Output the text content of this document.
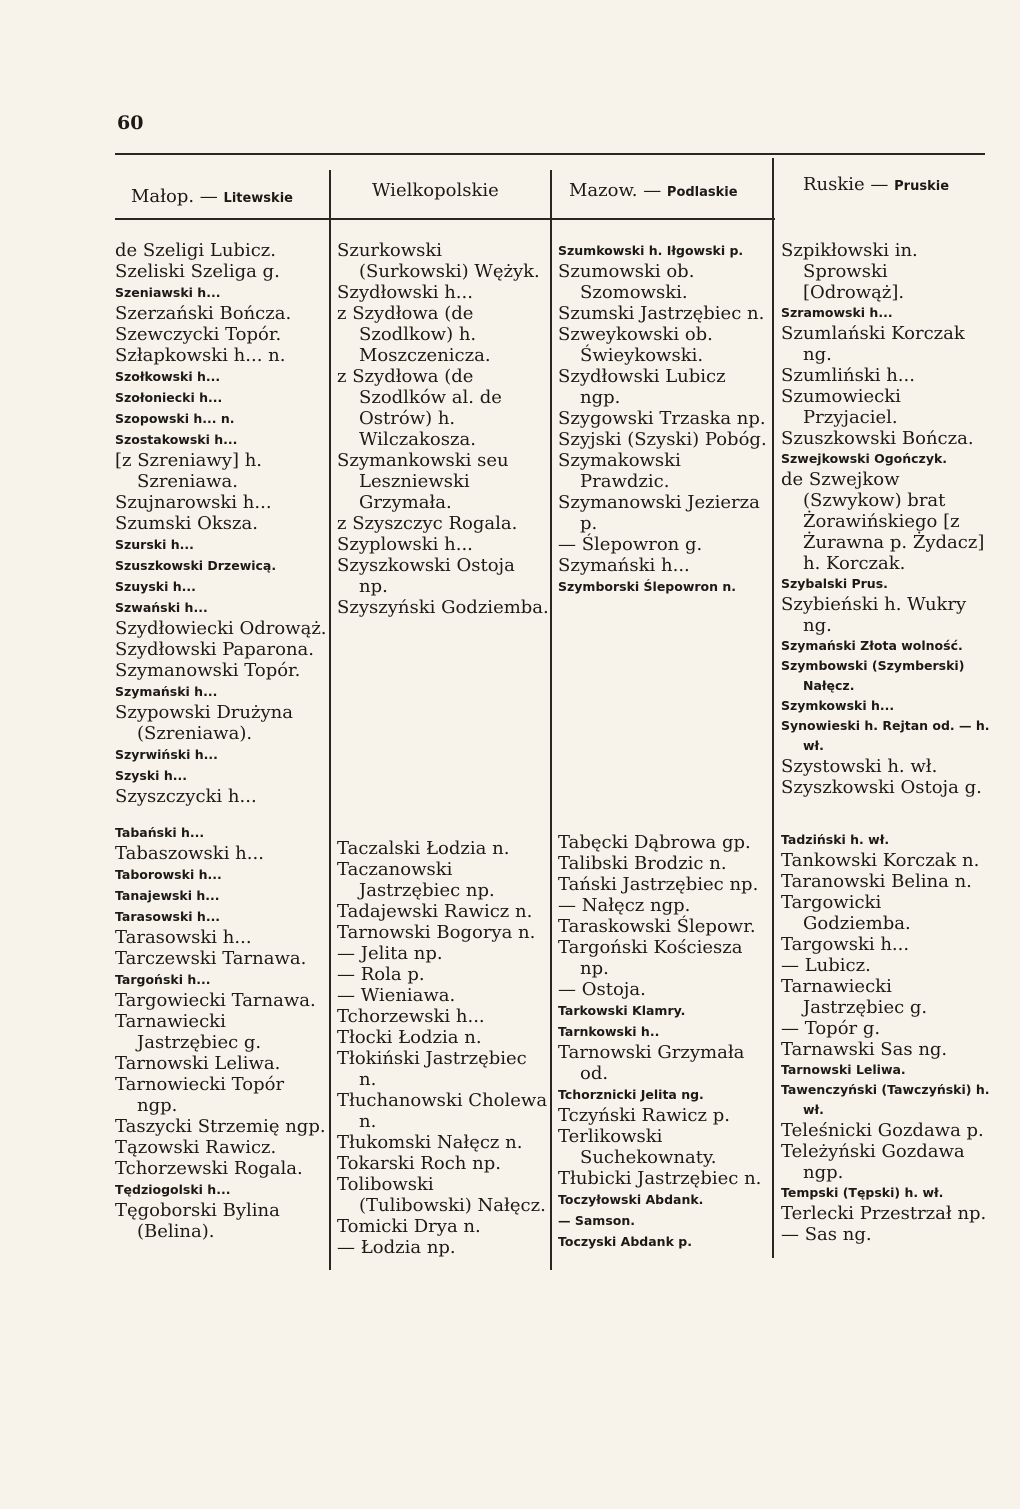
60
Małop. — Litewskie	Wielkopolskie	Mazow. — Podlaskie	Ruskie — Pruskie

de Szeligi Lubicz.

Szeliski Szeliga g.

Szeniawski h...

Szerzański Bończa.

Szewczycki Topór.

Szłapkowski h... n.

Szołkowski h...

Szołoniecki h...

Szopowski h... n.

Szostakowski h...

[z Szreniawy] h. Szreniawa.

Szujnarowski h...

Szumski Oksza.

Szurski h...

Szuszkowski Drzewicą.

Szuyski h...

Szwański h...

Szydłowiecki Odrowąż.

Szydłowski Paparona.

Szymanowski Topór.

Szymański h...

Szypowski Drużyna (Szreniawa).

Szyrwiński h...

Szyski h...

Szyszczycki h...

Szurkowski (Surkowski) Wężyk.

Szydłowski h...

z Szydłowa (de Szodlkow) h. Moszczenicza.

z Szydłowa (de Szodlków al. de Ostrów) h. Wilczakosza.

Szymankowski seu Leszniewski Grzymała.

z Szyszczyc Rogala.

Szyplowski h...

Szyszkowski Ostoja np.

Szyszyński Godziemba.

Szumkowski h. Iłgowski p.

Szumowski ob. Szomowski.

Szumski Jastrzębiec n.

Szweykowski ob. Świeykowski.

Szydłowski Lubicz ngp.

Szygowski Trzaska np.

Szyjski (Szyski) Pobóg.

Szymakowski Prawdzic.

Szymanowski Jezierza p.

— Ślepowron g.

Szymański h...

Szymborski Ślepowron n.

Szpikłowski in. Sprowski [Odrowąż].

Szramowski h...

Szumlański Korczak ng.

Szumliński h...

Szumowiecki Przyjaciel.

Szuszkowski Bończa.

Szwejkowski Ogończyk.

de Szwejkow (Szwykow) brat Żorawińskiego [z Żurawna p. Żydacz] h. Korczak.

Szybalski Prus.

Szybieński h. Wukry ng.

Szymański Złota wolność.

Szymbowski (Szymberski) Nałęcz.

Szymkowski h...

Synowieski h. Rejtan od. — h. wł.

Szystowski h. wł.

Szyszkowski Ostoja g.

Tabański h...

Tabaszowski h...

Taborowski h...

Tanajewski h...

Tarasowski h...

Tarasowski h...

Tarczewski Tarnawa.

Targoński h...

Targowiecki Tarnawa.

Tarnawiecki Jastrzębiec g.

Tarnowski Leliwa.

Tarnowiecki Topór ngp.

Taszycki Strzemię ngp.

Tązowski Rawicz.

Tchorzewski Rogala.

Tędziogolski h...

Tęgoborski Bylina (Belina).

Taczalski Łodzia n.

Taczanowski Jastrzębiec np.

Tadajewski Rawicz n.

Tarnowski Bogorya n.

— Jelita np.

— Rola p.

— Wieniawa.

Tchorzewski h...

Tłocki Łodzia n.

Tłokiński Jastrzębiec n.

Tłuchanowski Cholewa n.

Tłukomski Nałęcz n.

Tokarski Roch np.

Tolibowski (Tulibowski) Nałęcz.

Tomicki Drya n.

— Łodzia np.

Tabęcki Dąbrowa gp.

Talibski Brodzic n.

Tański Jastrzębiec np.

— Nałęcz ngp.

Taraskowski Ślepowr.

Targoński Kościesza np.

— Ostoja.

Tarkowski Klamry.

Tarnkowski h..

Tarnowski Grzymała od.

Tchorznicki Jelita ng.

Tczyński Rawicz p.

Terlikowski Suchekownaty.

Tłubicki Jastrzębiec n.

Toczyłowski Abdank.

— Samson.

Toczyski Abdank p.

Tadziński h. wł.

Tankowski Korczak n.

Taranowski Belina n.

Targowicki Godziemba.

Targowski h...

— Lubicz.

Tarnawiecki Jastrzębiec g.

— Topór g.

Tarnawski Sas ng.

Tarnowski Leliwa.

Tawenczyński (Tawczyński) h. wł.

Teleśnicki Gozdawa p.

Teleżyński Gozdawa ngp.

Tempski (Tępski) h. wł.

Terlecki Przestrzał np.

— Sas ng.
